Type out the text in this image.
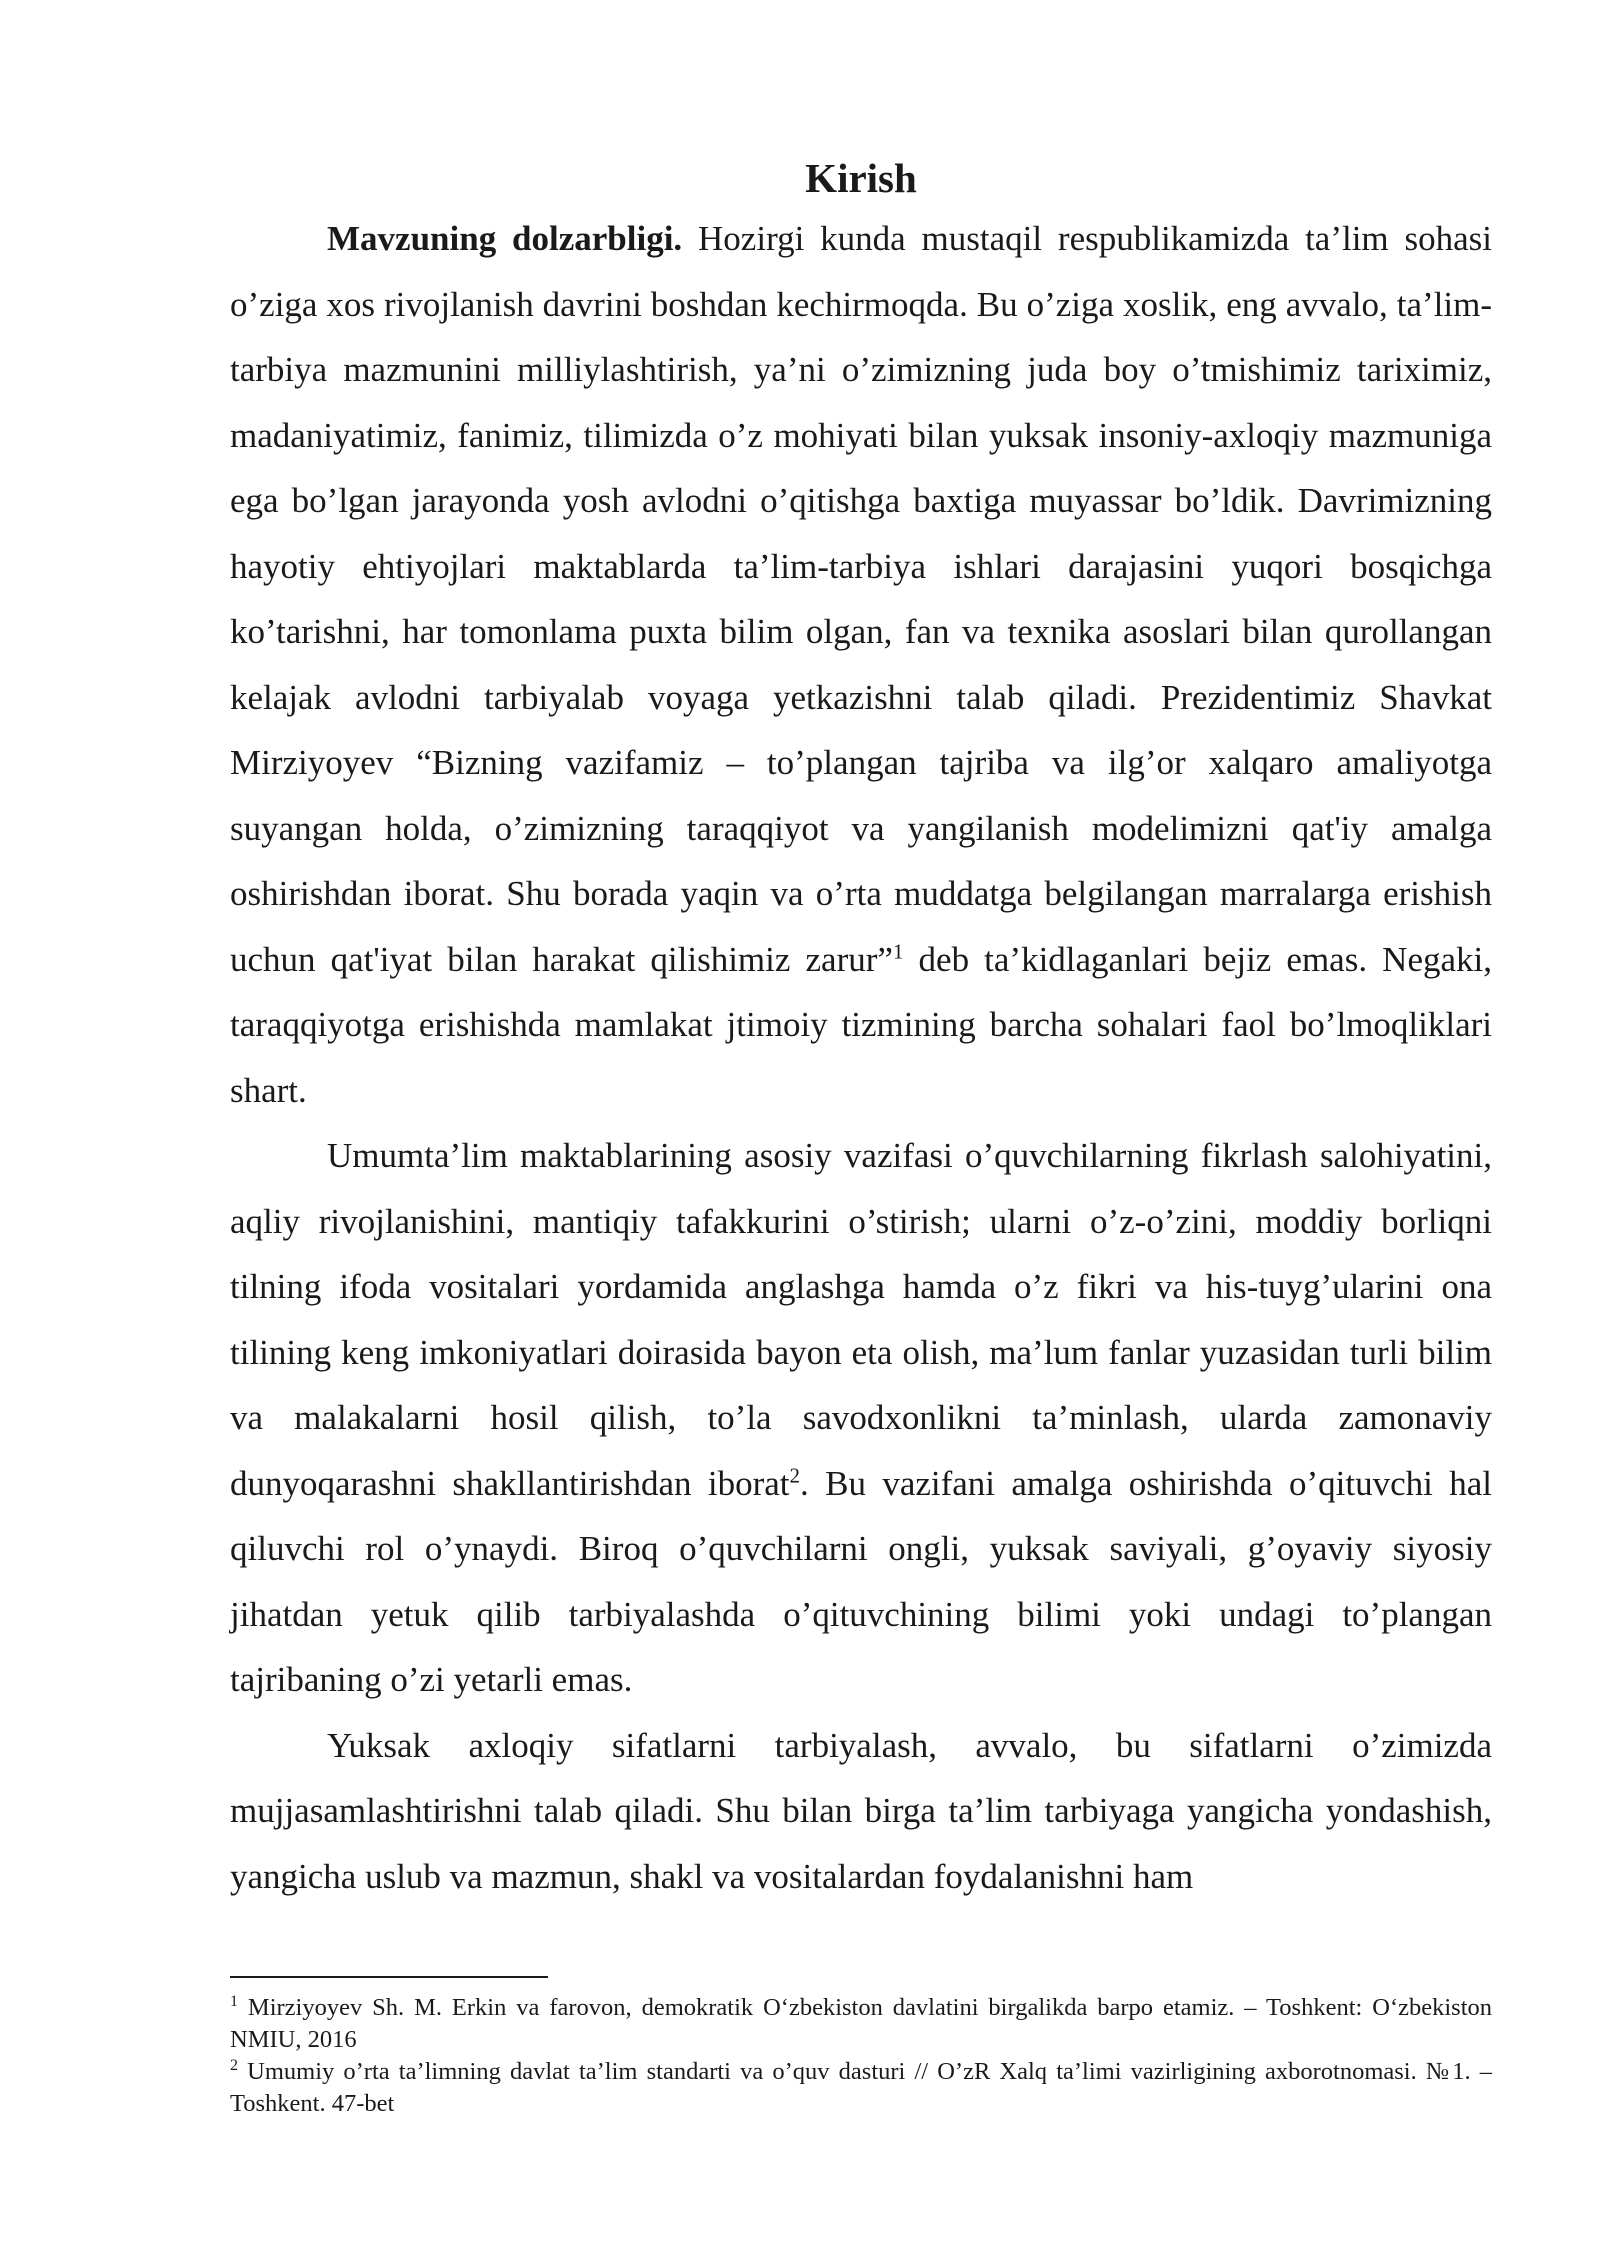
Kirish

Mavzuning dolzarbligi. Hozirgi kunda mustaqil respublikamizda ta’lim sohasi o’ziga xos rivojlanish davrini boshdan kechirmoqda. Bu o’ziga xoslik, eng avvalo, ta’lim-tarbiya mazmunini milliylashtirish, ya’ni o’zimizning juda boy o’tmishimiz tariximiz, madaniyatimiz, fanimiz, tilimizda o’z mohiyati bilan yuksak insoniy-axloqiy mazmuniga ega bo’lgan jarayonda yosh avlodni o’qitishga baxtiga muyassar bo’ldik. Davrimizning hayotiy ehtiyojlari maktablarda ta’lim-tarbiya ishlari darajasini yuqori bosqichga ko’tarishni, har tomonlama puxta bilim olgan, fan va texnika asoslari bilan qurollangan kelajak avlodni tarbiyalab voyaga yetkazishni talab qiladi. Prezidentimiz Shavkat Mirziyoyev “Bizning vazifamiz – to’plangan tajriba va ilg’or xalqaro amaliyotga suyangan holda, o’zimizning taraqqiyot va yangilanish modelimizni qat'iy amalga oshirishdan iborat. Shu borada yaqin va o’rta muddatga belgilangan marralarga erishish uchun qat'iyat bilan harakat qilishimiz zarur”$^1$ deb ta’kidlaganlari bejiz emas. Negaki, taraqqiyotga erishishda mamlakat jtimoiy tizmining barcha sohalari faol bo’lmoqliklari shart.

Umumta’lim maktablarining asosiy vazifasi o’quvchilarning fikrlash salohiyatini, aqliy rivojlanishini, mantiqiy tafakkurini o’stirish; ularni o’z-o’zini, moddiy borliqni tilning ifoda vositalari yordamida anglashga hamda o’z fikri va his-tuyg’ularini ona tilining keng imkoniyatlari doirasida bayon eta olish, ma’lum fanlar yuzasidan turli bilim va malakalarni hosil qilish, to’la savodxonlikni ta’minlash, ularda zamonaviy dunyoqarashni shakllantirishdan iborat$^2$. Bu vazifani amalga oshirishda o’qituvchi hal qiluvchi rol o’ynaydi. Biroq o’quvchilarni ongli, yuksak saviyali, g’oyaviy siyosiy jihatdan yetuk qilib tarbiyalashda o’qituvchining bilimi yoki undagi to’plangan tajribaning o’zi yetarli emas.

Yuksak axloqiy sifatlarni tarbiyalash, avvalo, bu sifatlarni o’zimizda mujjasamlashtirishni talab qiladi. Shu bilan birga ta’lim tarbiyaga yangicha yondashish, yangicha uslub va mazmun, shakl va vositalardan foydalanishni ham

$^1$ Mirziyoyev Sh. M. Erkin va farovon, demokratik O‘zbekiston davlatini birgalikda barpo etamiz. – Toshkent: O‘zbekiston NMIU, 2016

$^2$ Umumiy o’rta ta’limning davlat ta’lim standarti va o’quv dasturi // O’zR Xalq ta’limi vazirligining axborotnomasi. №1. – Toshkent. 47-bet
